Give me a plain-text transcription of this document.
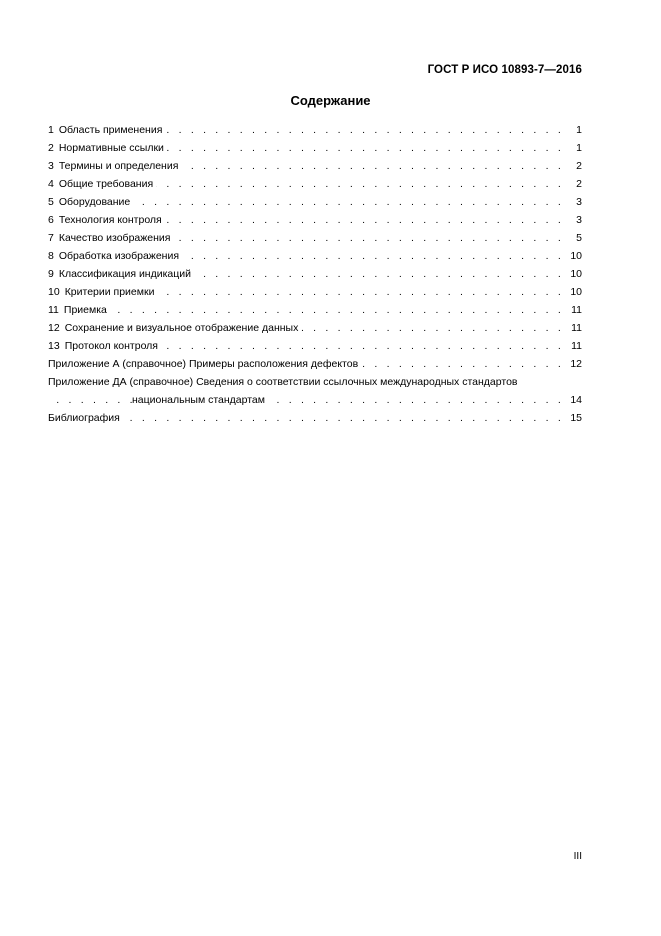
ГОСТ Р ИСО 10893-7—2016
Содержание
. . .
1 Область применения	1
. . .
2 Нормативные ссылки	1
. . .
3 Термины и определения	2
. . .
4 Общие требования	2
. . .
5 Оборудование	3
. . .
6 Технология контроля	3
. . .
7 Качество изображения	5
. . .
8 Обработка изображения	10
. . .
9 Классификация индикаций	10
. . .
10 Критерии приемки	10
. . .
11 Приемка	11
. . .
12 Сохранение и визуальное отображение данных	11
. . .
13 Протокол контроля	11
. . .
Приложение А (справочное) Примеры расположения дефектов	12
Приложение ДА (справочное) Сведения о соответствии ссылочных международных стандартов
. . .
национальным стандартам	14
. . .
Библиография	15
III
